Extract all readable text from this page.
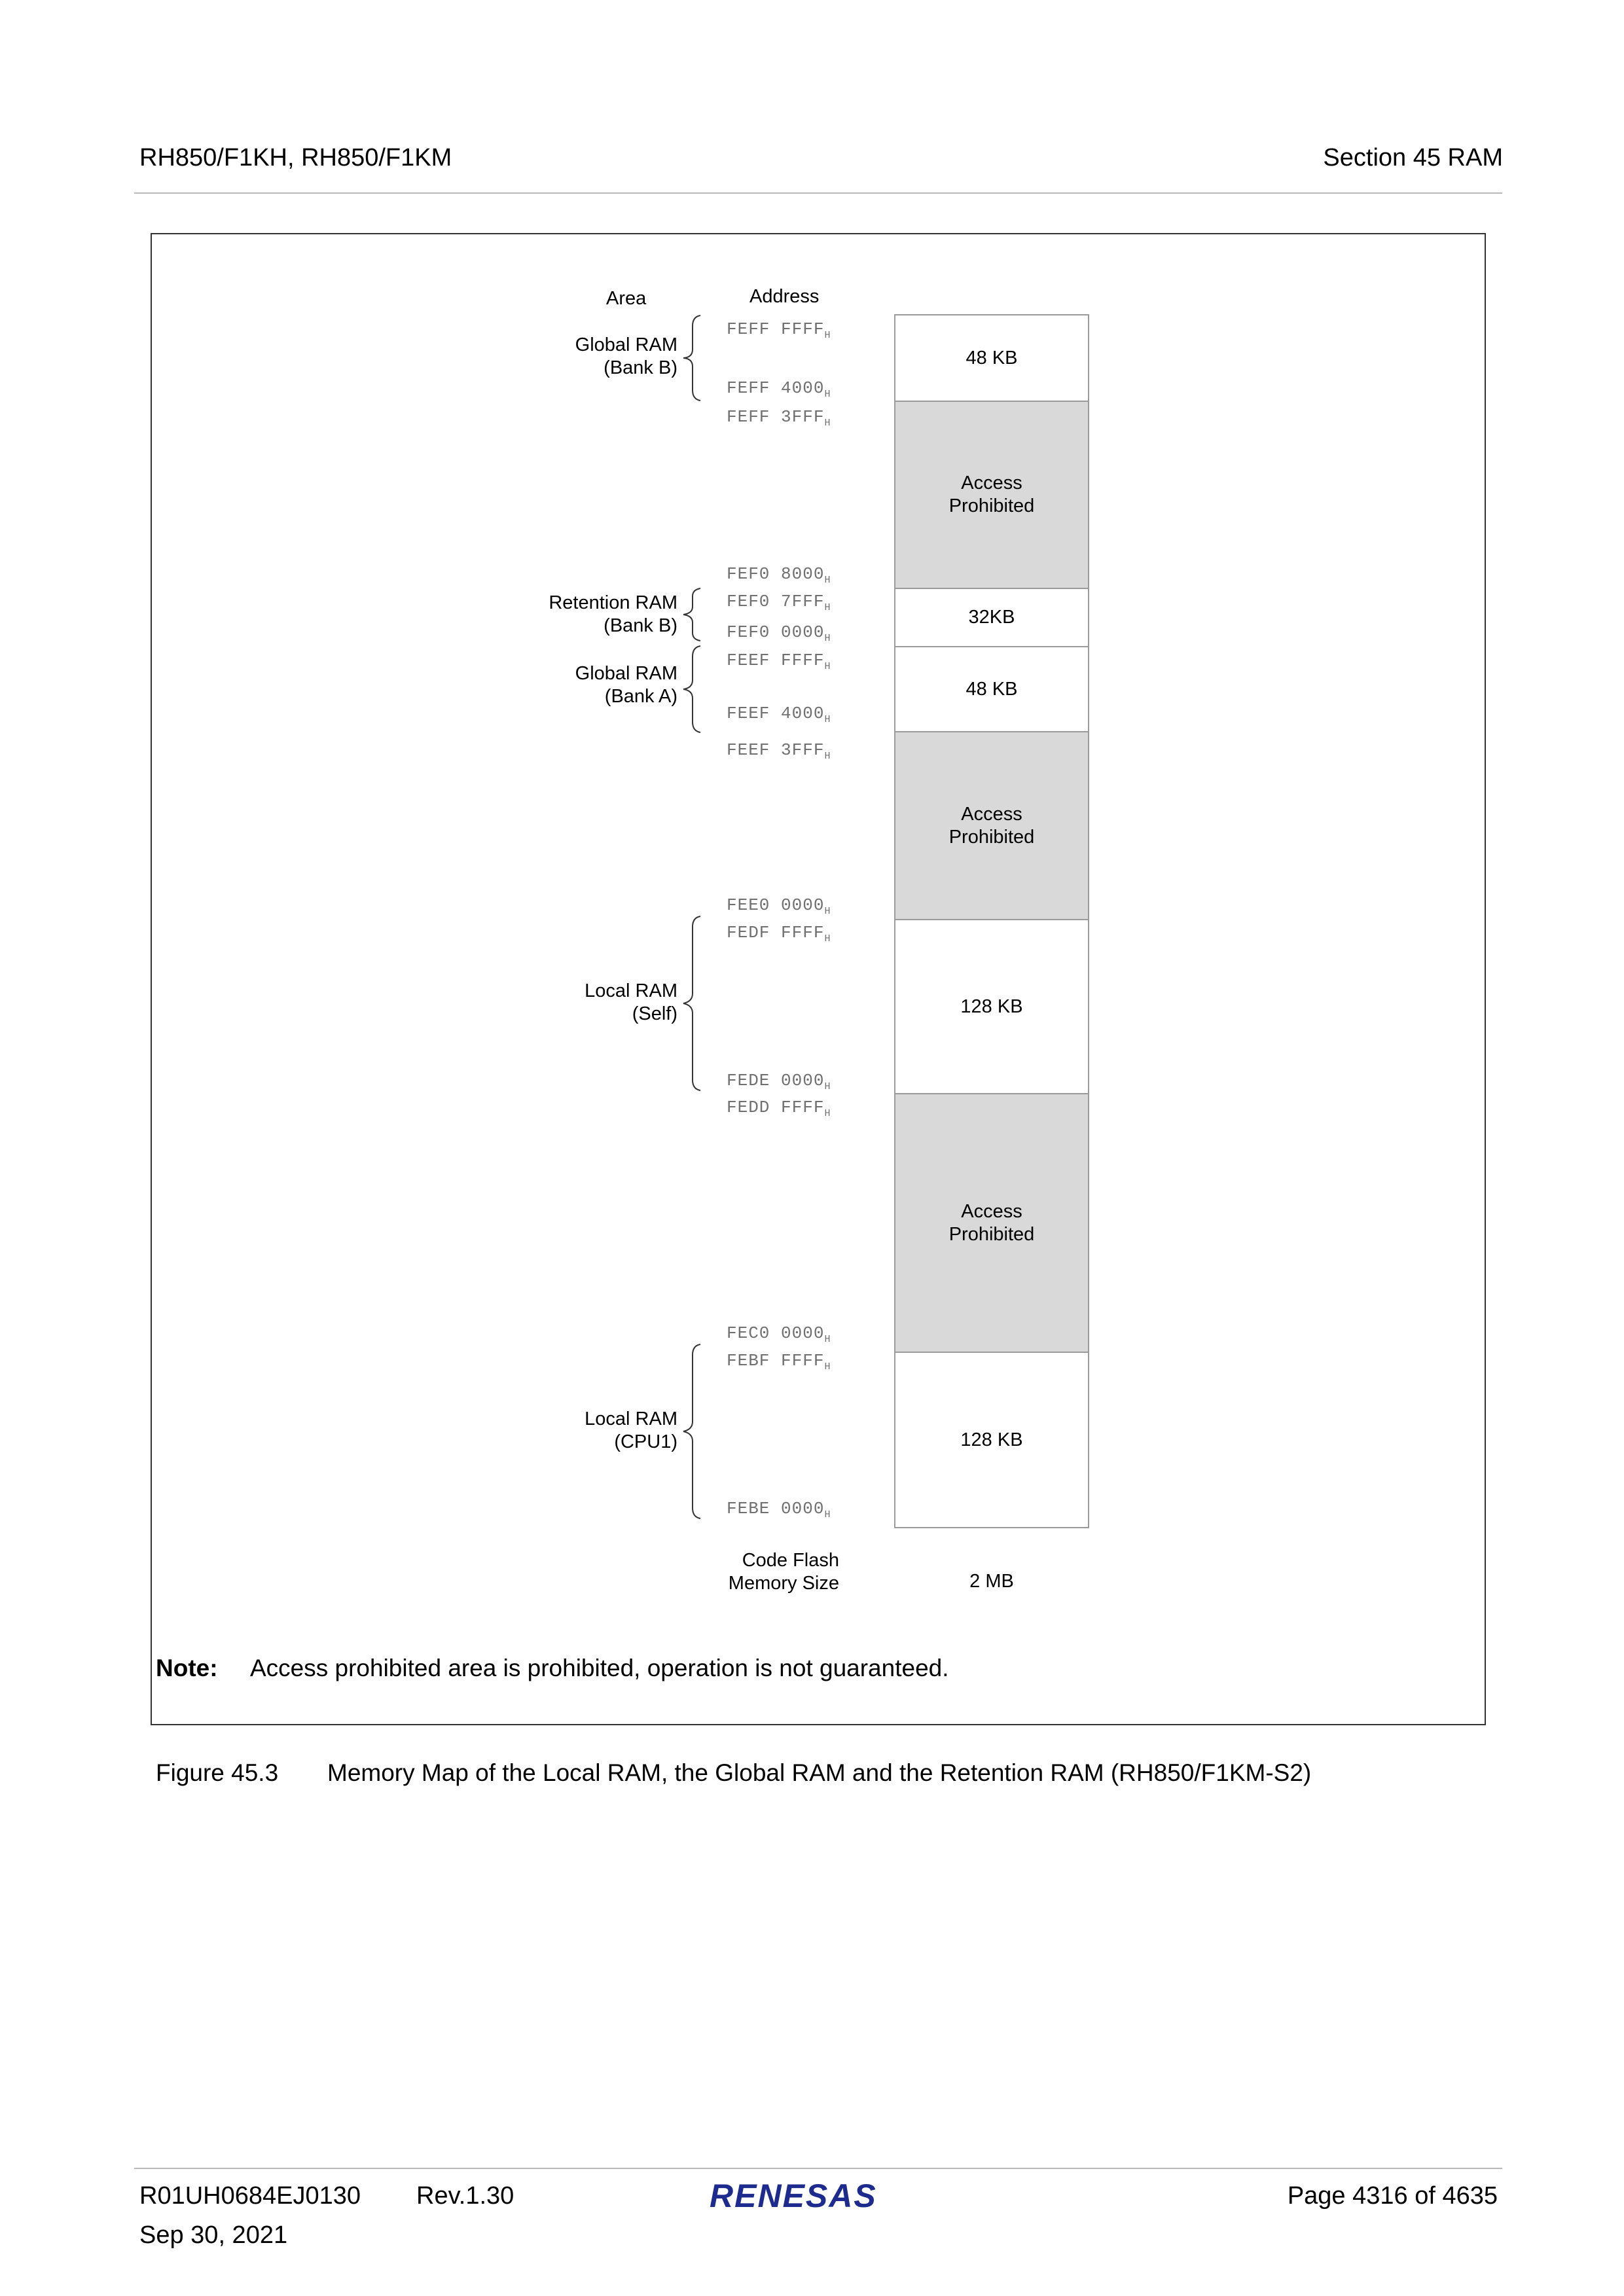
RH850/F1KH, RH850/F1KM	Section 45 RAM
Area	Address
Global RAM
(Bank B)
Retention RAM
(Bank B)
Global RAM
(Bank A)
Local RAM
(Self)
Local RAM
(CPU1)
FEFF $FFFF_H$
FEFF $4000_H$
FEFF $3FFF_H$
FEF0 $8000_H$
FEF0 $7FFF_H$
FEF0 $0000_H$
FEEF $FFFF_H$
FEEF $4000_H$
FEEF $3FFF_H$
FEE0 $0000_H$
FEDF $FFFF_H$
FEDE $0000_H$
FEDD $FFFF_H$
FEC0 $0000_H$
FEBF $FFFF_H$
FEBE $0000_H$
48 KB
Access
Prohibited
32KB
48 KB
Access
Prohibited
128 KB
Access
Prohibited
128 KB
Code Flash
Memory Size	2 MB
Note: Access prohibited area is prohibited, operation is not guaranteed.
Figure 45.3 Memory Map of the Local RAM, the Global RAM and the Retention RAM (RH850/F1KM-S2)
R01UH0684EJ0130 Rev.1.30
Sep 30, 2021
RENESAS	Page 4316 of 4635
